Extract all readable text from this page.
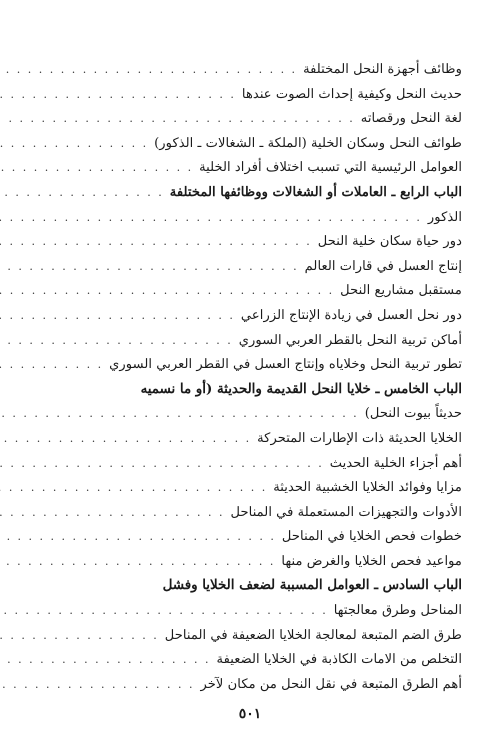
وظائف أجهزة النحل المختلفة
. . .
حديث النحل وكيفية إحداث الصوت عندها
. . .
لغة النحل ورقصاته
. . .
طوائف النحل وسكان الخلية (الملكة ـ الشغالات ـ الذكور)
. . .
العوامل الرئيسية التي تسبب اختلاف أفراد الخلية
. . .
الباب الرابع ـ العاملات أو الشغالات ووظائفها المختلفة
. . .
الذكور
. . .
دور حياة سكان خلية النحل
. . .
إنتاج العسل في قارات العالم
. . .
مستقبل مشاريع النحل
. . .
دور نحل العسل في زيادة الإنتاج الزراعي
. . .
أماكن تربية النحل بالقطر العربي السوري
. . .
تطور تربية النحل وخلاياه وإنتاج العسل في القطر العربي السوري
. . .
الباب الخامس ـ خلايا النحل القديمة والحديثة (أو ما نسميه
حديثاً بيوت النحل)
. . .
الخلايا الحديثة ذات الإطارات المتحركة
. . .
أهم أجزاء الخلية الحديث
. . .
مزايا وفوائد الخلايا الخشبية الحديثة
. . .
الأدوات والتجهيزات المستعملة في المناحل
. . .
خطوات فحص الخلايا في المناحل
. . .
مواعيد فحص الخلايا والغرض منها
. . .
الباب السادس ـ العوامل المسببة لضعف الخلايا وفشل
المناحل وطرق معالجتها
. . .
طرق الضم المتبعة لمعالجة الخلايا الضعيفة في المناحل
. . .
التخلص من الامات الكاذبة في الخلايا الضعيفة
. . .
أهم الطرق المتبعة في نقل النحل من مكان لآخر
. . .
٥٠١
